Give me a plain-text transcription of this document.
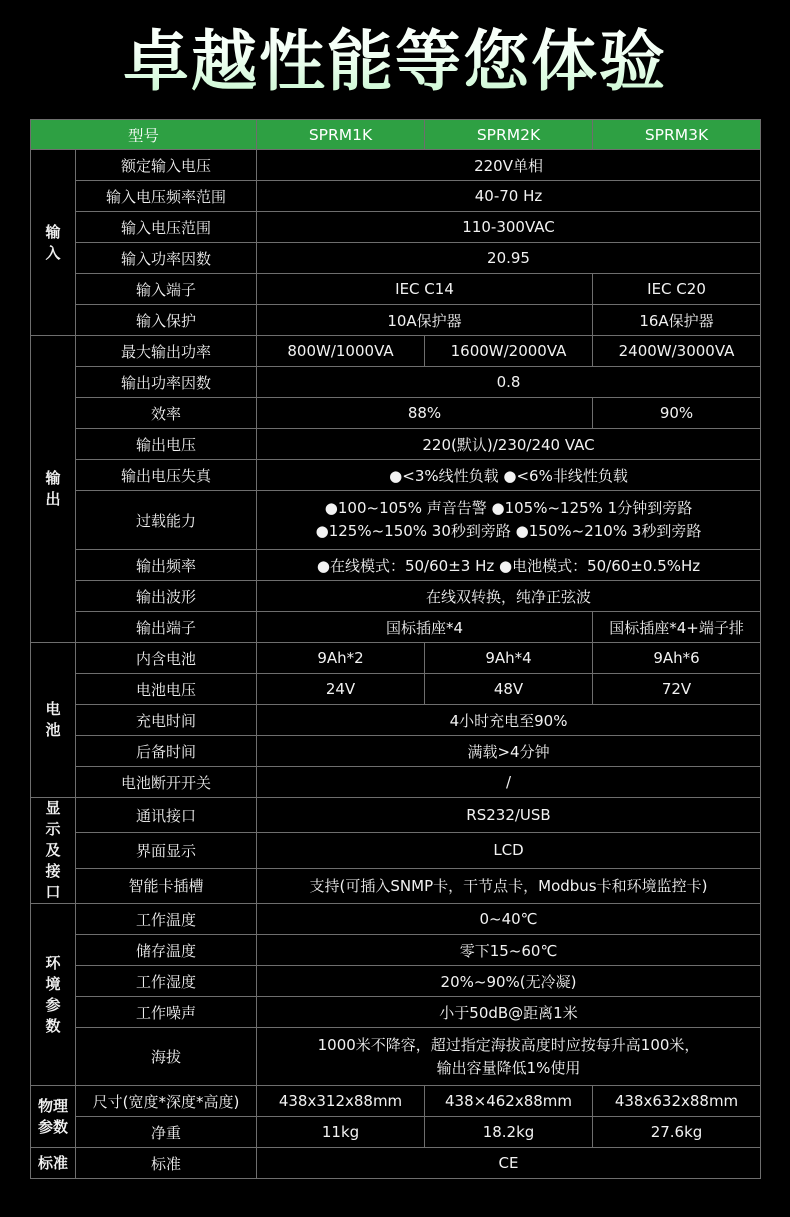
卓越性能等您体验
型号		SPRM1K	SPRM2K	SPRM3K
输入	额定输入电压	220V单相		
	输入电压频率范围	40-70 Hz		
	输入电压范围	110-300VAC		
	输入功率因数	20.95		
	输入端子	IEC C14		IEC C20
	输入保护	10A保护器		16A保护器
输出	最大输出功率	800W/1000VA	1600W/2000VA	2400W/3000VA
	输出功率因数	0.8		
	效率	88%		90%
	输出电压	220(默认)/230/240 VAC		
	输出电压失真	●<3%线性负载 ●<6%非线性负载		
	过载能力	●100~105% 声音告警 ●105%~125% 1分钟到旁路
●125%~150% 30秒到旁路 ●150%~210% 3秒到旁路		

	输出频率	●在线模式：50/60±3 Hz ●电池模式：50/60±0.5%Hz		
	输出波形	在线双转换，纯净正弦波		
	输出端子	国标插座*4		国标插座*4+端子排
电池	内含电池	9Ah*2	9Ah*4	9Ah*6
	电池电压	24V	48V	72V
	充电时间	4小时充电至90%		
	后备时间	满载>4分钟		
	电池断开开关	/		
显示及接口	通讯接口	RS232/USB		
	界面显示	LCD		
	智能卡插槽	支持(可插入SNMP卡，干节点卡，Modbus卡和环境监控卡)		
环境参数	工作温度	0~40℃		
	储存温度	零下15~60℃		
	工作湿度	20%~90%(无冷凝)		
	工作噪声	小于50dB@距离1米		
	海拔	1000米不降容，超过指定海拔高度时应按每升高100米，
输出容量降低1%使用		

物理参数	尺寸(宽度*深度*高度)	438x312x88mm	438×462x88mm	438x632x88mm
	净重	11kg	18.2kg	27.6kg
标准	标准	CE		
